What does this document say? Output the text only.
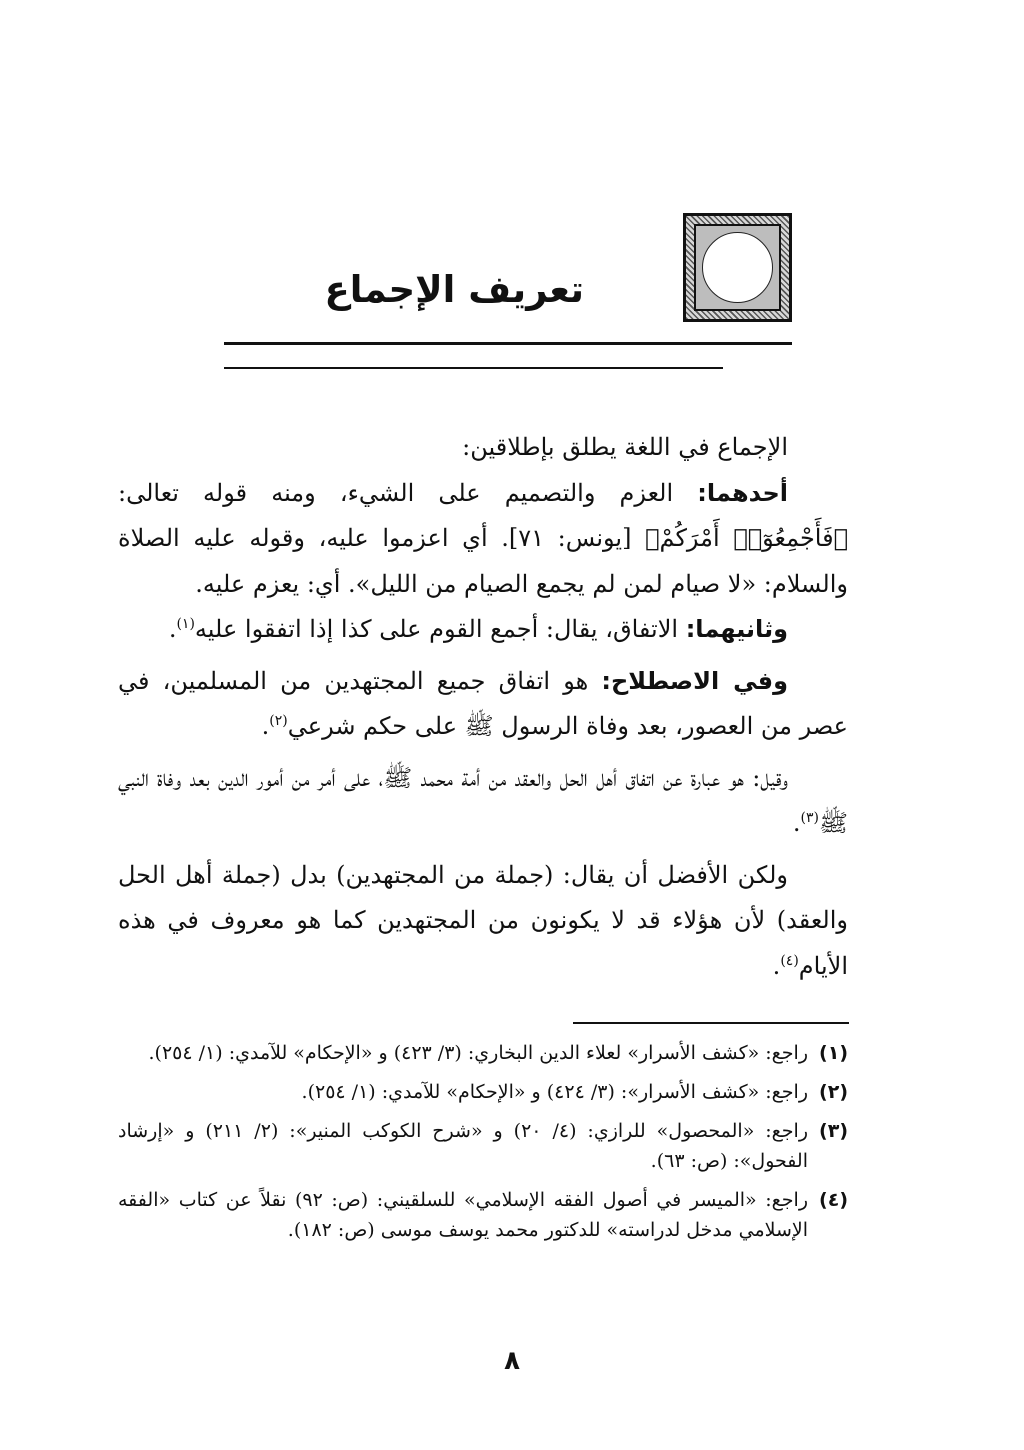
تعريف الإجماع

الإجماع في اللغة يطلق بإطلاقين:

أحدهما: العزم والتصميم على الشيء، ومنه قوله تعالى: ﴿فَأَجْمِعُوٓا۟ أَمْرَكُمْ﴾ [يونس: ٧١]. أي اعزموا عليه، وقوله عليه الصلاة والسلام: «لا صيام لمن لم يجمع الصيام من الليل». أي: يعزم عليه.

وثانيهما: الاتفاق، يقال: أجمع القوم على كذا إذا اتفقوا عليه$^{(١)}$.

وفي الاصطلاح: هو اتفاق جميع المجتهدين من المسلمين، في عصر من العصور، بعد وفاة الرسول ﷺ على حكم شرعي$^{(٢)}$.

وقيل: هو عبارة عن اتفاق أهل الحل والعقد من أمة محمد ﷺ، على أمر من أمور الدين بعد وفاة النبي ﷺ$^{(٣)}$.

ولكن الأفضل أن يقال: (جملة من المجتهدين) بدل (جملة أهل الحل والعقد) لأن هؤلاء قد لا يكونون من المجتهدين كما هو معروف في هذه الأيام$^{(٤)}$.

(١)
راجع: «كشف الأسرار» لعلاء الدين البخاري: (٣/ ٤٢٣) و «الإحكام» للآمدي: (١/ ٢٥٤).
(٢)
راجع: «كشف الأسرار»: (٣/ ٤٢٤) و «الإحكام» للآمدي: (١/ ٢٥٤).
(٣)
راجع: «المحصول» للرازي: (٤/ ٢٠) و «شرح الكوكب المنير»: (٢/ ٢١١) و «إرشاد الفحول»: (ص: ٦٣).
(٤)
راجع: «الميسر في أصول الفقه الإسلامي» للسلقيني: (ص: ٩٢) نقلاً عن كتاب «الفقه الإسلامي مدخل لدراسته» للدكتور محمد يوسف موسى (ص: ١٨٢).
٨
